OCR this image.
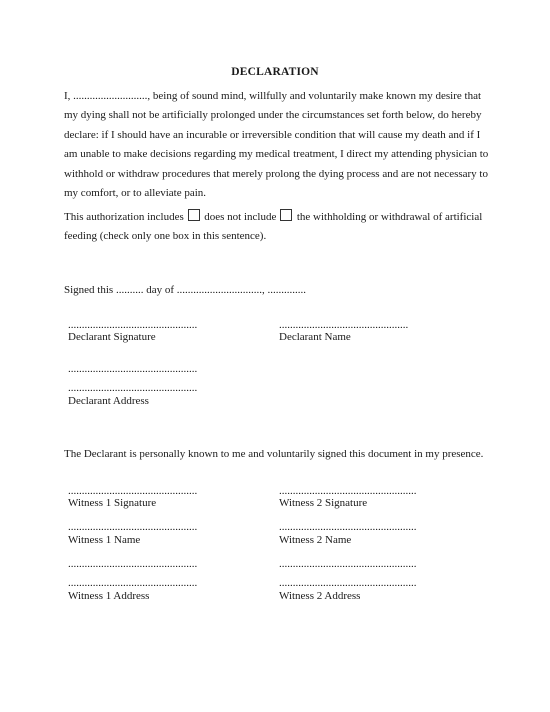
DECLARATION
I, ..........................., being of sound mind, willfully and voluntarily make known my desire that my dying shall not be artificially prolonged under the circumstances set forth below, do hereby declare: if I should have an incurable or irreversible condition that will cause my death and if I am unable to make decisions regarding my medical treatment, I direct my attending physician to withhold or withdraw procedures that merely prolong the dying process and are not necessary to my comfort, or to alleviate pain.
This authorization includes does not include the withholding or withdrawal of artificial feeding (check only one box in this sentence).
Signed this .......... day of ..............................., ..............
...............................................
Declarant Signature
...............................................
Declarant Name
...............................................
...............................................
Declarant Address
The Declarant is personally known to me and voluntarily signed this document in my presence.
...............................................
Witness 1 Signature
...............................................
Witness 1 Name
...............................................
...............................................
Witness 1 Address
..................................................
Witness 2 Signature
..................................................
Witness 2 Name
..................................................
..................................................
Witness 2 Address
